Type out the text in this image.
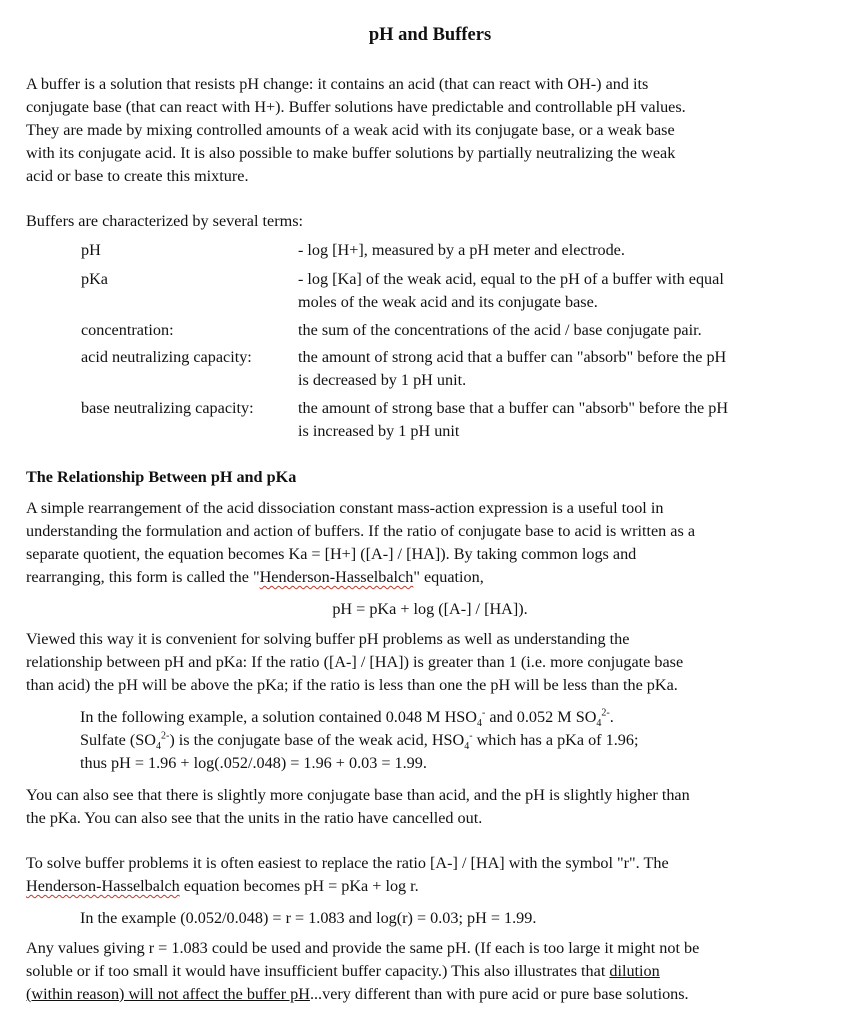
pH and Buffers
A buffer is a solution that resists pH change: it contains an acid (that can react with OH-) and its
conjugate base (that can react with H+). Buffer solutions have predictable and controllable pH values.
They are made by mixing controlled amounts of a weak acid with its conjugate base, or a weak base
with its conjugate acid. It is also possible to make buffer solutions by partially neutralizing the weak
acid or base to create this mixture.
Buffers are characterized by several terms:
pH	- log [H+], measured by a pH meter and electrode.
pKa	- log [Ka] of the weak acid, equal to the pH of a buffer with equal
moles of the weak acid and its conjugate base.
concentration:	the sum of the concentrations of the acid / base conjugate pair.
acid neutralizing capacity:	the amount of strong acid that a buffer can "absorb" before the pH
is decreased by 1 pH unit.
base neutralizing capacity:	the amount of strong base that a buffer can "absorb" before the pH
is increased by 1 pH unit
The Relationship Between pH and pKa
A simple rearrangement of the acid dissociation constant mass-action expression is a useful tool in
understanding the formulation and action of buffers. If the ratio of conjugate base to acid is written as a
separate quotient, the equation becomes Ka = [H+] ([A-] / [HA]). By taking common logs and
rearranging, this form is called the "Henderson-Hasselbalch" equation,
pH = pKa + log ([A-] / [HA]).
Viewed this way it is convenient for solving buffer pH problems as well as understanding the
relationship between pH and pKa: If the ratio ([A-] / [HA]) is greater than 1 (i.e. more conjugate base
than acid) the pH will be above the pKa; if the ratio is less than one the pH will be less than the pKa.
In the following example, a solution contained 0.048 M $HSO_4^-$ and 0.052 M $SO_4^{2-}$.
Sulfate $(SO_4^{2-})$ is the conjugate base of the weak acid, $HSO_4^-$ which has a pKa of 1.96;
thus pH = 1.96 + log(.052/.048) = 1.96 + 0.03 = 1.99.
You can also see that there is slightly more conjugate base than acid, and the pH is slightly higher than
the pKa. You can also see that the units in the ratio have cancelled out.
To solve buffer problems it is often easiest to replace the ratio [A-] / [HA] with the symbol "r". The
Henderson-Hasselbalch equation becomes pH = pKa + log r.
In the example (0.052/0.048) = r = 1.083 and log(r) = 0.03; pH = 1.99.
Any values giving r = 1.083 could be used and provide the same pH. (If each is too large it might not be
soluble or if too small it would have insufficient buffer capacity.) This also illustrates that dilution
(within reason) will not affect the buffer pH...very different than with pure acid or pure base solutions.
